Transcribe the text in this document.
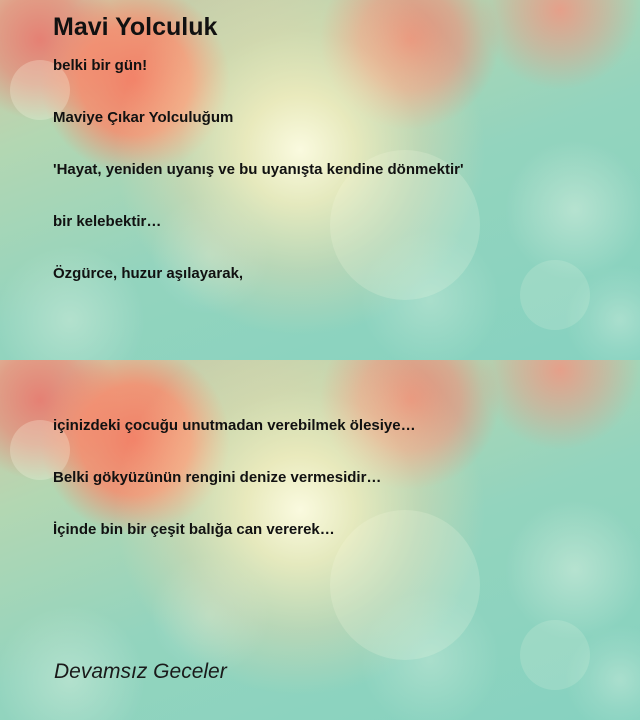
Mavi Yolculuk

belki bir gün!

Maviye Çıkar Yolculuğum

'Hayat, yeniden uyanış ve bu uyanışta kendine dönmektir'

bir kelebektir…

Özgürce, huzur aşılayarak,

içinizdeki çocuğu unutmadan verebilmek ölesiye…

Belki gökyüzünün rengini denize vermesidir…

İçinde bin bir çeşit balığa can vererek…

Devamsız Geceler
